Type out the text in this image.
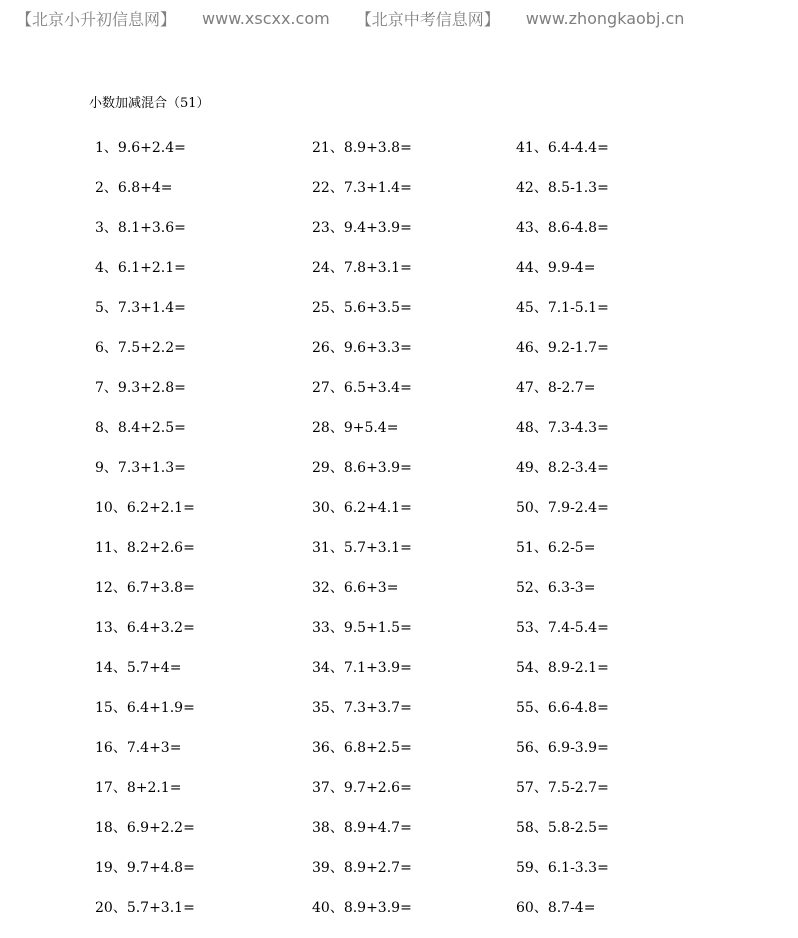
【北京小升初信息网】 www.xscxx.com 【北京中考信息网】 www.zhongkaobj.cn
小数加减混合（51）
1、9.6+2.4=	21、8.9+3.8=	41、6.4-4.4=
2、6.8+4=	22、7.3+1.4=	42、8.5-1.3=
3、8.1+3.6=	23、9.4+3.9=	43、8.6-4.8=
4、6.1+2.1=	24、7.8+3.1=	44、9.9-4=
5、7.3+1.4=	25、5.6+3.5=	45、7.1-5.1=
6、7.5+2.2=	26、9.6+3.3=	46、9.2-1.7=
7、9.3+2.8=	27、6.5+3.4=	47、8-2.7=
8、8.4+2.5=	28、9+5.4=	48、7.3-4.3=
9、7.3+1.3=	29、8.6+3.9=	49、8.2-3.4=
10、6.2+2.1=	30、6.2+4.1=	50、7.9-2.4=
11、8.2+2.6=	31、5.7+3.1=	51、6.2-5=
12、6.7+3.8=	32、6.6+3=	52、6.3-3=
13、6.4+3.2=	33、9.5+1.5=	53、7.4-5.4=
14、5.7+4=	34、7.1+3.9=	54、8.9-2.1=
15、6.4+1.9=	35、7.3+3.7=	55、6.6-4.8=
16、7.4+3=	36、6.8+2.5=	56、6.9-3.9=
17、8+2.1=	37、9.7+2.6=	57、7.5-2.7=
18、6.9+2.2=	38、8.9+4.7=	58、5.8-2.5=
19、9.7+4.8=	39、8.9+2.7=	59、6.1-3.3=
20、5.7+3.1=	40、8.9+3.9=	60、8.7-4=
